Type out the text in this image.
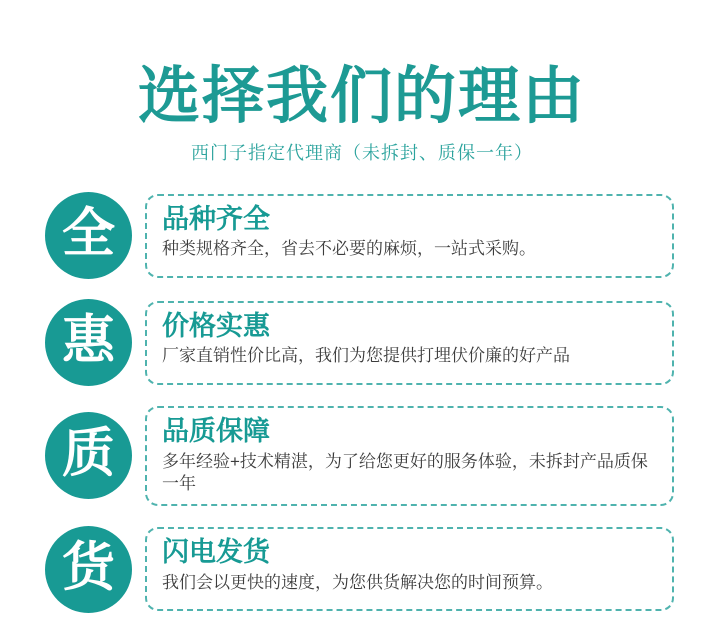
选择我们的理由
西门子指定代理商（未拆封、质保一年）
全 品种齐全
种类规格齐全，省去不必要的麻烦，一站式采购。
惠 价格实惠
厂家直销性价比高，我们为您提供打埋伏价廉的好产品
质 品质保障
多年经验+技术精湛，为了给您更好的服务体验，未拆封产品质保一年
货 闪电发货
我们会以更快的速度，为您供货解决您的时间预算。
